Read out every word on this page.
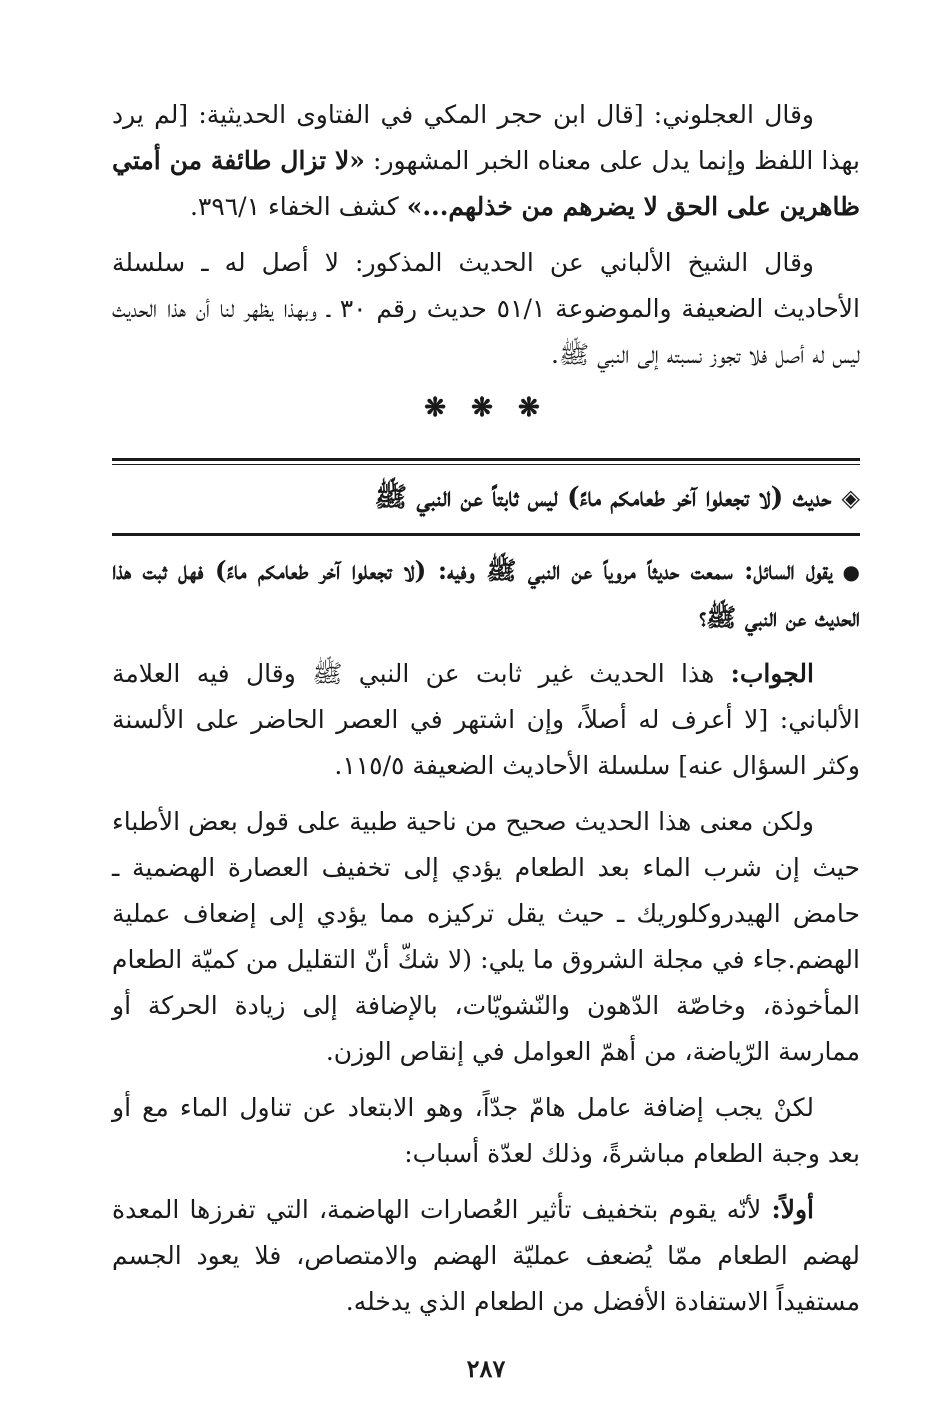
وقال العجلوني: [قال ابن حجر المكي في الفتاوى الحديثية: [لم يرد بهذا اللفظ وإنما يدل على معناه الخبر المشهور: «لا تزال طائفة من أمتي ظاهرين على الحق لا يضرهم من خذلهم...» كشف الخفاء ٣٩٦/١.

وقال الشيخ الألباني عن الحديث المذكور: لا أصل له ـ سلسلة الأحاديث الضعيفة والموضوعة ٥١/١ حديث رقم ٣٠ ـ وبهذا يظهر لنا أن هذا الحديث ليس له أصل فلا تجوز نسبته إلى النبي ﷺ.

❋ ❋ ❋
◈حديث (لا تجعلوا آخر طعامكم ماءً) ليس ثابتاً عن النبي ﷺ

●يقول السائل: سمعت حديثاً مروياً عن النبي ﷺ وفيه: (لا تجعلوا آخر طعامكم ماءً) فهل ثبت هذا الحديث عن النبي ﷺ؟

الجواب: هذا الحديث غير ثابت عن النبي ﷺ وقال فيه العلامة الألباني: [لا أعرف له أصلاً، وإن اشتهر في العصر الحاضر على الألسنة وكثر السؤال عنه] سلسلة الأحاديث الضعيفة ١١٥/٥.

ولكن معنى هذا الحديث صحيح من ناحية طبية على قول بعض الأطباء حيث إن شرب الماء بعد الطعام يؤدي إلى تخفيف العصارة الهضمية ـ حامض الهيدروكلوريك ـ حيث يقل تركيزه مما يؤدي إلى إضعاف عملية الهضم.جاء في مجلة الشروق ما يلي: (لا شكّ أنّ التقليل من كميّة الطعام المأخوذة، وخاصّة الدّهون والنّشويّات، بالإضافة إلى زيادة الحركة أو ممارسة الرّياضة، من أهمّ العوامل في إنقاص الوزن.

لكنْ يجب إضافة عامل هامّ جدّاً، وهو الابتعاد عن تناول الماء مع أو بعد وجبة الطعام مباشرةً، وذلك لعدّة أسباب:

أولاً: لأنّه يقوم بتخفيف تأثير العُصارات الهاضمة، التي تفرزها المعدة لهضم الطعام ممّا يُضعف عمليّة الهضم والامتصاص، فلا يعود الجسم مستفيداً الاستفادة الأفضل من الطعام الذي يدخله.

٢٨٧
